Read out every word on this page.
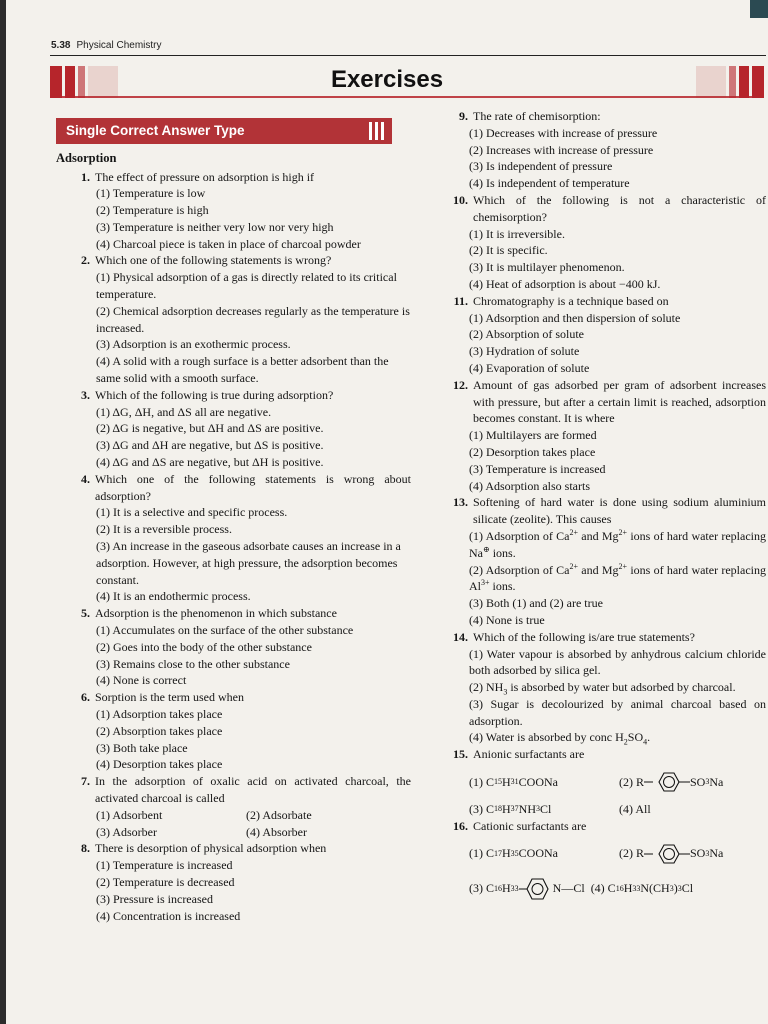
5.38 Physical Chemistry
Exercises
Single Correct Answer Type
Adsorption
1. The effect of pressure on adsorption is high if
(1) Temperature is low
(2) Temperature is high
(3) Temperature is neither very low nor very high
(4) Charcoal piece is taken in place of charcoal powder
2. Which one of the following statements is wrong?
(1) Physical adsorption of a gas is directly related to its critical temperature.
(2) Chemical adsorption decreases regularly as the temperature is increased.
(3) Adsorption is an exothermic process.
(4) A solid with a rough surface is a better adsorbent than the same solid with a smooth surface.
3. Which of the following is true during adsorption?
(1) ΔG, ΔH, and ΔS all are negative.
(2) ΔG is negative, but ΔH and ΔS are positive.
(3) ΔG and ΔH are negative, but ΔS is positive.
(4) ΔG and ΔS are negative, but ΔH is positive.
4. Which one of the following statements is wrong about adsorption?
(1) It is a selective and specific process.
(2) It is a reversible process.
(3) An increase in the gaseous adsorbate causes an increase in a adsorption. However, at high pressure, the adsorption becomes constant.
(4) It is an endothermic process.
5. Adsorption is the phenomenon in which substance
(1) Accumulates on the surface of the other substance
(2) Goes into the body of the other substance
(3) Remains close to the other substance
(4) None is correct
6. Sorption is the term used when
(1) Adsorption takes place
(2) Absorption takes place
(3) Both take place
(4) Desorption takes place
7. In the adsorption of oxalic acid on activated charcoal, the activated charcoal is called
(1) Adsorbent	(2) Adsorbate
(3) Adsorber	(4) Absorber
8. There is desorption of physical adsorption when
(1) Temperature is increased
(2) Temperature is decreased
(3) Pressure is increased
(4) Concentration is increased
9. The rate of chemisorption:
(1) Decreases with increase of pressure
(2) Increases with increase of pressure
(3) Is independent of pressure
(4) Is independent of temperature
10. Which of the following is not a characteristic of chemisorption?
(1) It is irreversible.
(2) It is specific.
(3) It is multilayer phenomenon.
(4) Heat of adsorption is about −400 kJ.
11. Chromatography is a technique based on
(1) Adsorption and then dispersion of solute
(2) Absorption of solute
(3) Hydration of solute
(4) Evaporation of solute
12. Amount of gas adsorbed per gram of adsorbent increases with pressure, but after a certain limit is reached, adsorption becomes constant. It is where
(1) Multilayers are formed
(2) Desorption takes place
(3) Temperature is increased
(4) Adsorption also starts
13. Softening of hard water is done using sodium aluminium silicate (zeolite). This causes
(1) Adsorption of $Ca^{2+}$ and $Mg^{2+}$ ions of hard water replacing Na⊕ ions.
(2) Adsorption of $Ca^{2+}$ and $Mg^{2+}$ ions of hard water replacing $Al^{3+}$ ions.
(3) Both (1) and (2) are true
(4) None is true
14. Which of the following is/are true statements?
(1) Water vapour is absorbed by anhydrous calcium chloride both adsorbed by silica gel.
(2) $NH_3$ is absorbed by water but adsorbed by charcoal.
(3) Sugar is decolourized by animal charcoal based on adsorption.
(4) Water is absorbed by conc $H_2SO_4$.
15. Anionic surfactants are
(1) C 15 H 31 COONa	(2) R	SO 3 Na
(3) C 18 H 37 NH 3 Cl	(4) All
16. Cationic surfactants are
(1) C 17 H 35 COONa	(2) R	SO 3 Na
(3) C 16 H 33	N —Cl (4) C 16 H 33 N(CH 3 ) 3 Cl
